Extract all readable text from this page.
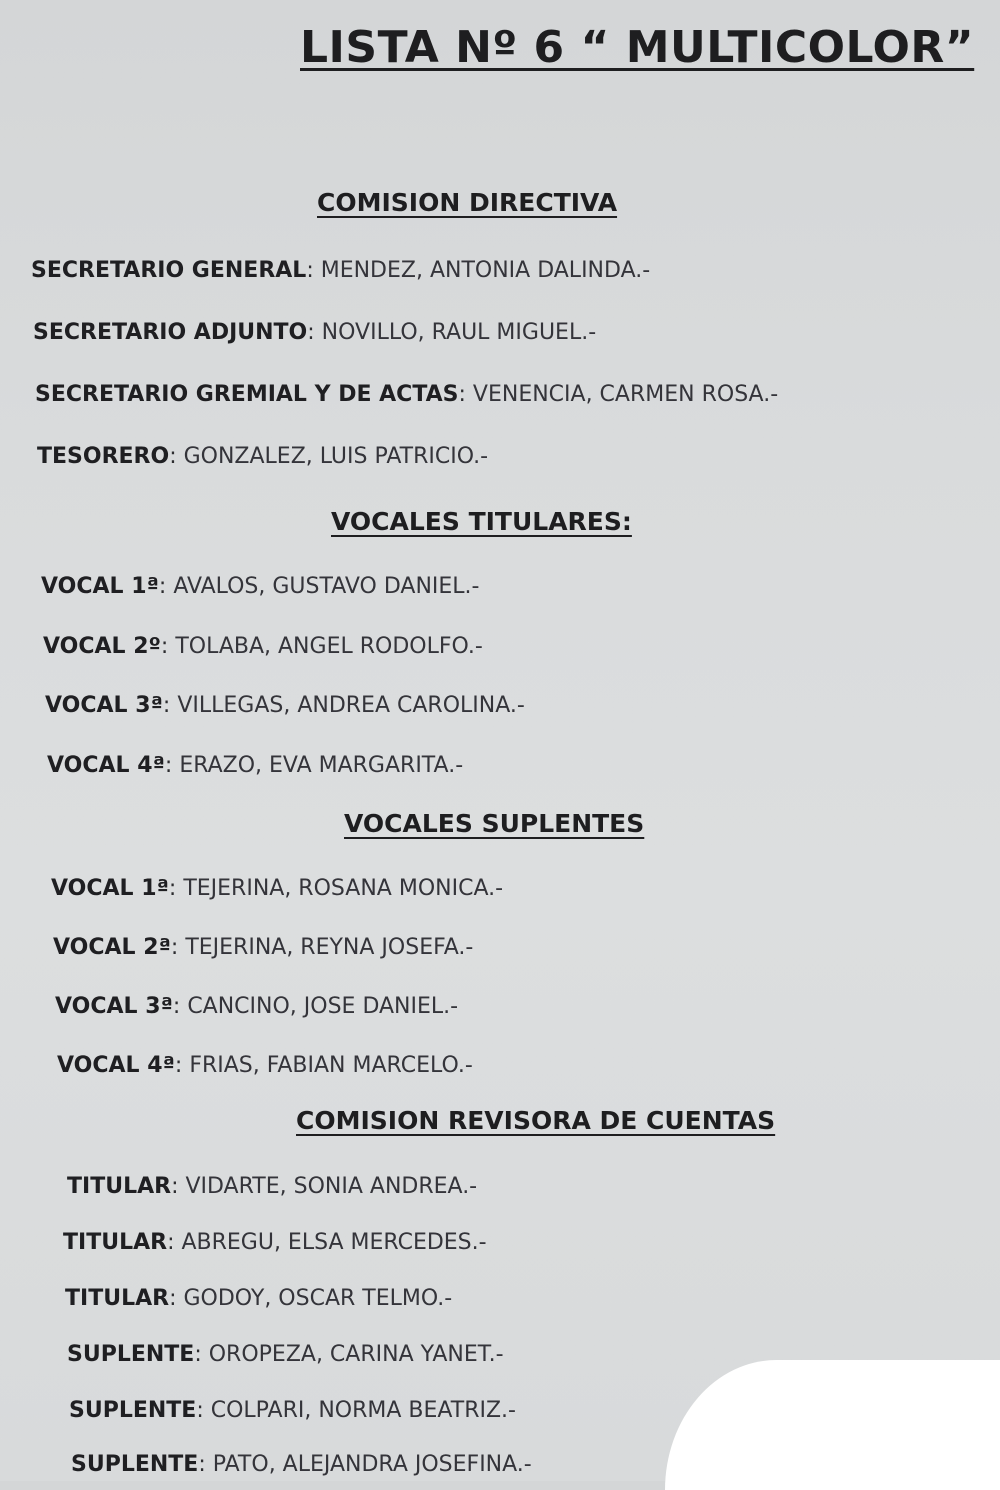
LISTA Nº 6 “ MULTICOLOR”
COMISION DIRECTIVA
SECRETARIO GENERAL: MENDEZ, ANTONIA DALINDA.-
SECRETARIO ADJUNTO: NOVILLO, RAUL MIGUEL.-
SECRETARIO GREMIAL Y DE ACTAS: VENENCIA, CARMEN ROSA.-
TESORERO: GONZALEZ, LUIS PATRICIO.-
VOCALES TITULARES:
VOCAL 1ª: AVALOS, GUSTAVO DANIEL.-
VOCAL 2º: TOLABA, ANGEL RODOLFO.-
VOCAL 3ª: VILLEGAS, ANDREA CAROLINA.-
VOCAL 4ª: ERAZO, EVA MARGARITA.-
VOCALES SUPLENTES
VOCAL 1ª: TEJERINA, ROSANA MONICA.-
VOCAL 2ª: TEJERINA, REYNA JOSEFA.-
VOCAL 3ª: CANCINO, JOSE DANIEL.-
VOCAL 4ª: FRIAS, FABIAN MARCELO.-
COMISION REVISORA DE CUENTAS
TITULAR: VIDARTE, SONIA ANDREA.-
TITULAR: ABREGU, ELSA MERCEDES.-
TITULAR: GODOY, OSCAR TELMO.-
SUPLENTE: OROPEZA, CARINA YANET.-
SUPLENTE: COLPARI, NORMA BEATRIZ.-
SUPLENTE: PATO, ALEJANDRA JOSEFINA.-
